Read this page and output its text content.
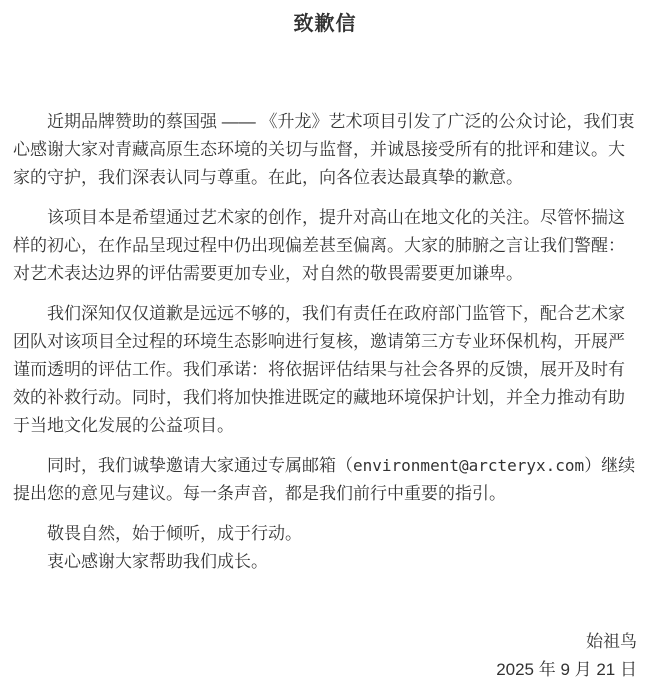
致歉信

近期品牌赞助的蔡国强 —— 《升龙》艺术项目引发了广泛的公众讨论，我们衷心感谢大家对青藏高原生态环境的关切与监督，并诚恳接受所有的批评和建议。大家的守护，我们深表认同与尊重。在此，向各位表达最真挚的歉意。

该项目本是希望通过艺术家的创作，提升对高山在地文化的关注。尽管怀揣这样的初心，在作品呈现过程中仍出现偏差甚至偏离。大家的肺腑之言让我们警醒：对艺术表达边界的评估需要更加专业，对自然的敬畏需要更加谦卑。

我们深知仅仅道歉是远远不够的，我们有责任在政府部门监管下，配合艺术家团队对该项目全过程的环境生态影响进行复核，邀请第三方专业环保机构，开展严谨而透明的评估工作。我们承诺：将依据评估结果与社会各界的反馈，展开及时有效的补救行动。同时，我们将加快推进既定的藏地环境保护计划，并全力推动有助于当地文化发展的公益项目。

同时，我们诚挚邀请大家通过专属邮箱（environment@arcteryx.com）继续提出您的意见与建议。每一条声音，都是我们前行中重要的指引。

敬畏自然，始于倾听，成于行动。

衷心感谢大家帮助我们成长。

始祖鸟

2025 年 9 月 21 日
